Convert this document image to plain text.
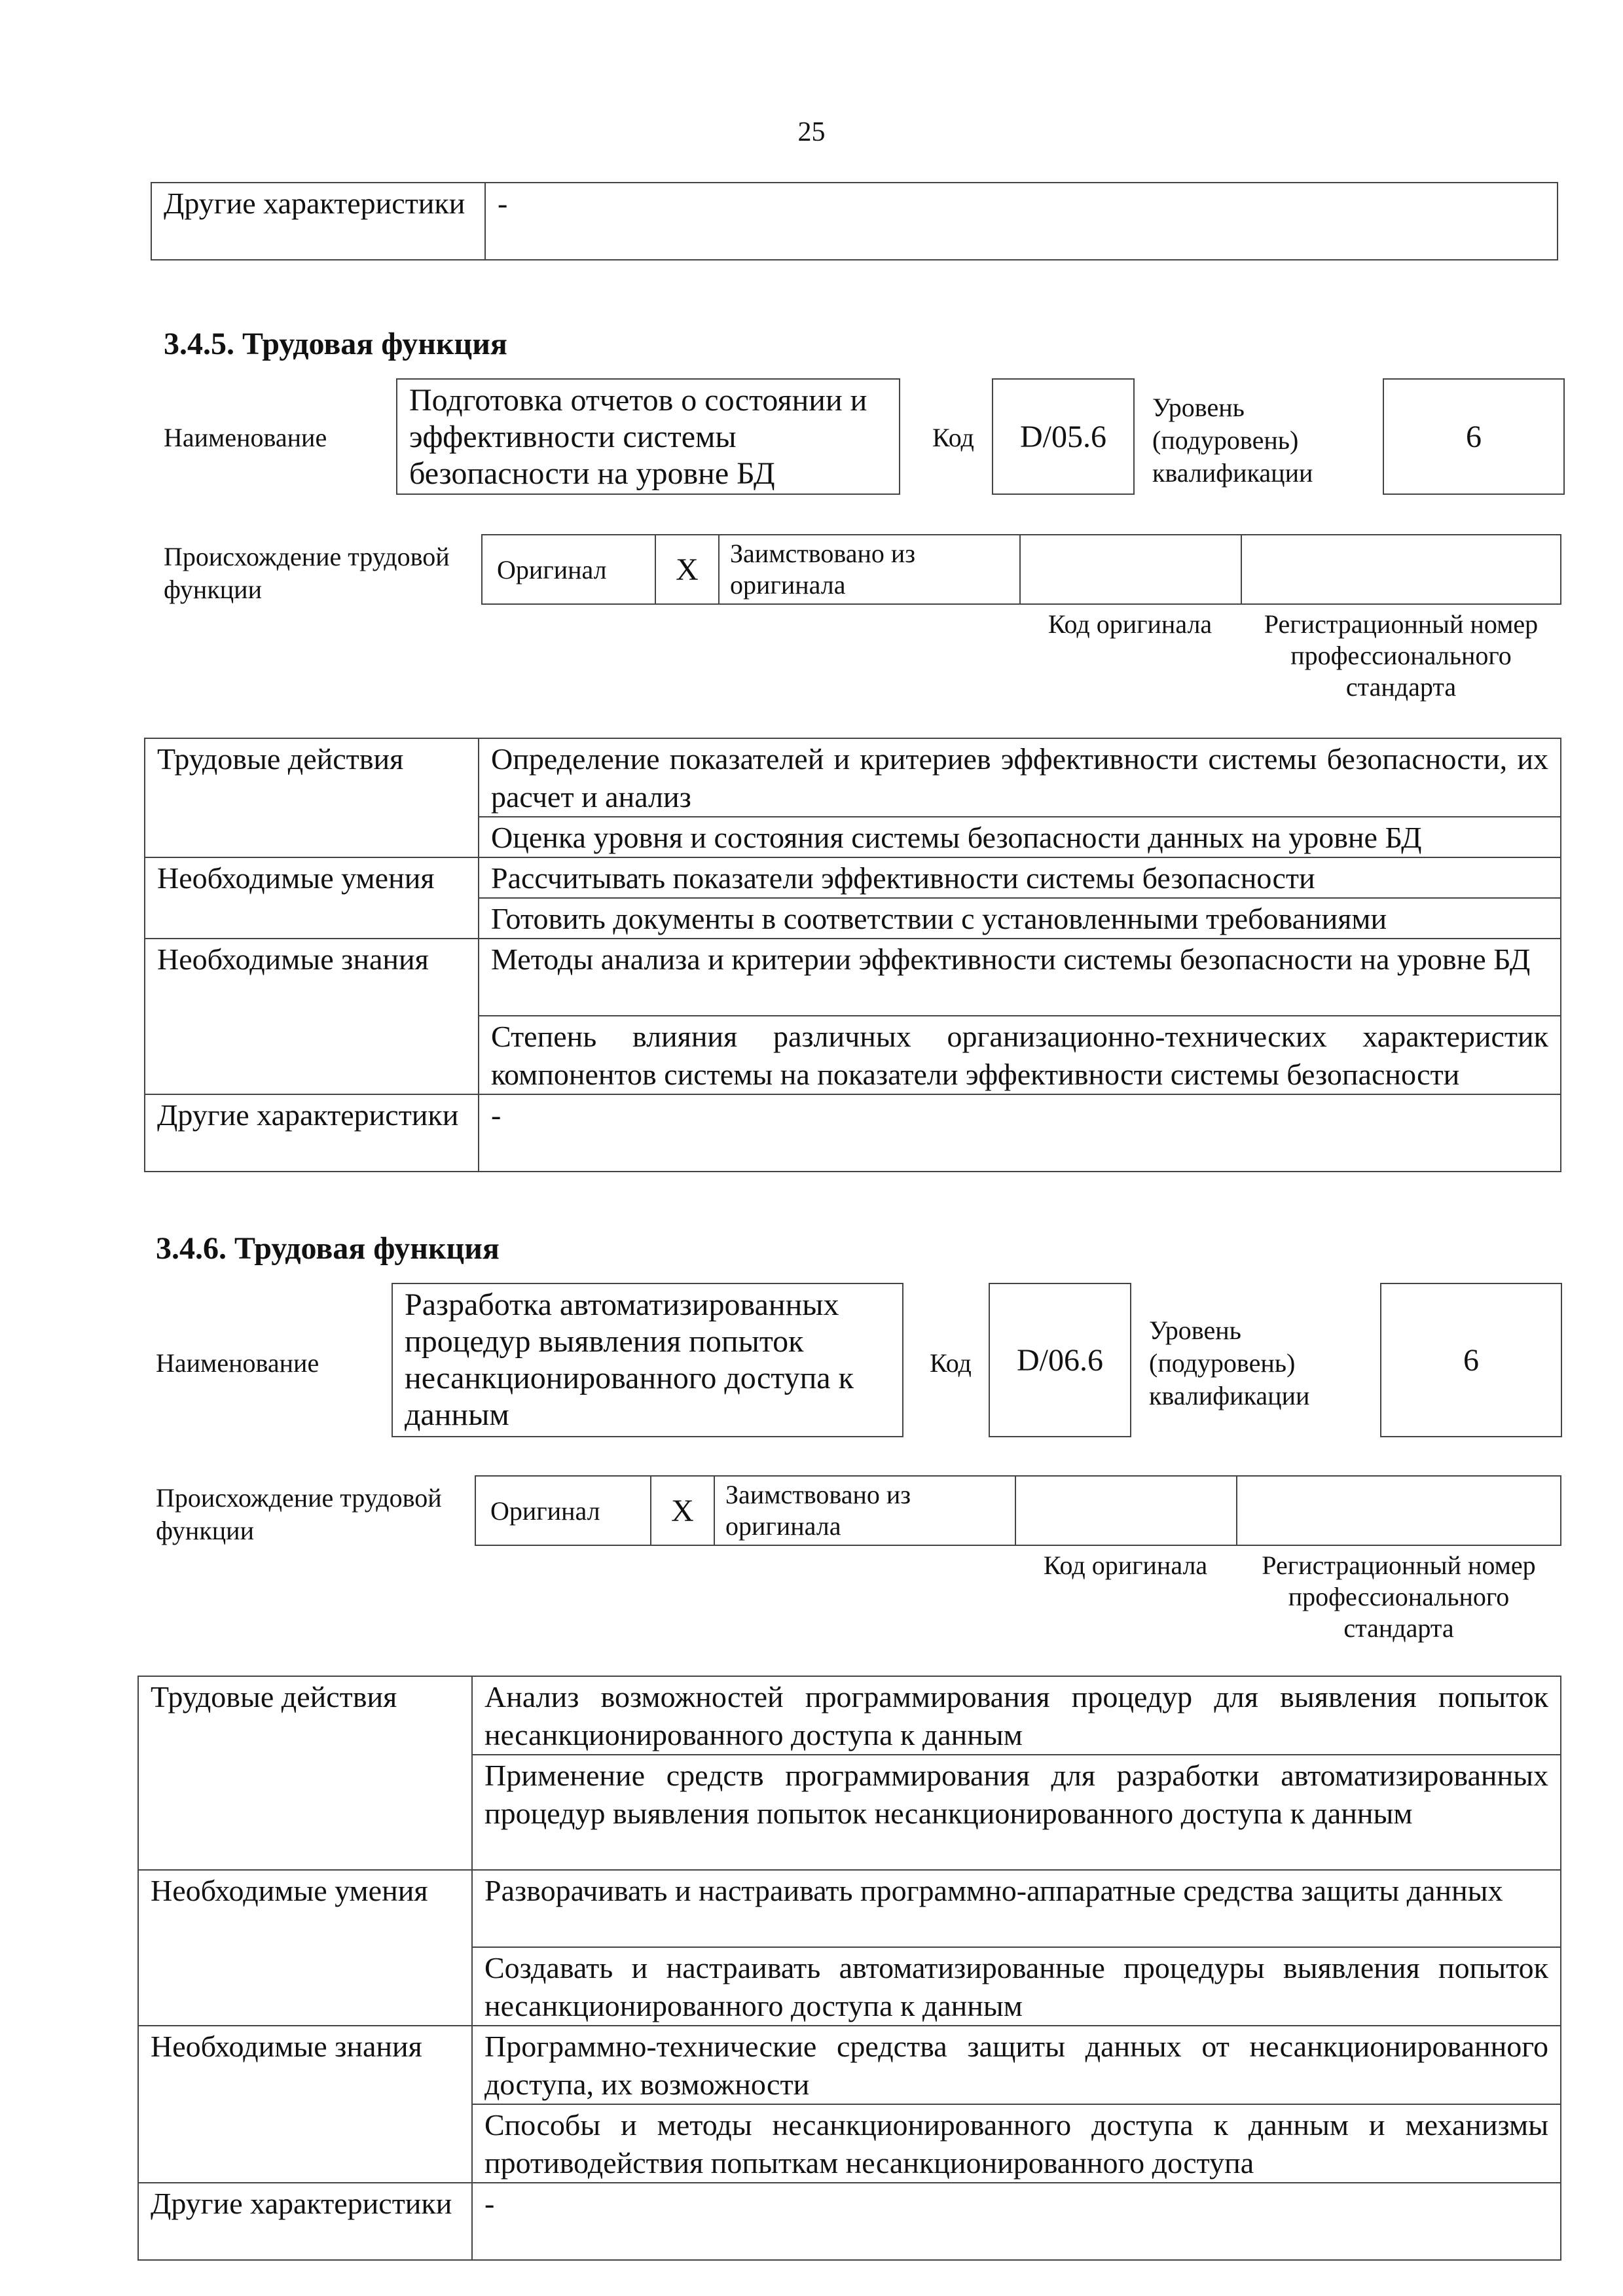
25
Другие характеристики	-
3.4.5. Трудовая функция
Наименование
Подготовка отчетов о состоянии и эффективности системы безопасности на уровне БД
Код	D/05.6
Уровень (подуровень) квалификации
6
Происхождение трудовой функции
Оригинал	X	Заимствовано из оригинала
Код оригинала	Регистрационный номер профессионального стандарта
Трудовые действия	Определение показателей и критериев эффективности системы безопасности, их расчет и анализ
	Оценка уровня и состояния системы безопасности данных на уровне БД
Необходимые умения	Рассчитывать показатели эффективности системы безопасности
	Готовить документы в соответствии с установленными требованиями
Необходимые знания	Методы анализа и критерии эффективности системы безопасности на уровне БД
	Степень влияния различных организационно-технических характеристик компонентов системы на показатели эффективности системы безопасности
Другие характеристики	-
3.4.6. Трудовая функция
Наименование
Разработка автоматизированных процедур выявления попыток несанкционированного доступа к данным
Код	D/06.6
Уровень (подуровень) квалификации
6
Происхождение трудовой функции
Оригинал	X	Заимствовано из оригинала
Код оригинала	Регистрационный номер профессионального стандарта
Трудовые действия	Анализ возможностей программирования процедур для выявления попыток несанкционированного доступа к данным
	Применение средств программирования для разработки автоматизированных процедур выявления попыток несанкционированного доступа к данным
Необходимые умения	Разворачивать и настраивать программно-аппаратные средства защиты данных
	Создавать и настраивать автоматизированные процедуры выявления попыток несанкционированного доступа к данным
Необходимые знания	Программно-технические средства защиты данных от несанкционированного доступа, их возможности
	Способы и методы несанкционированного доступа к данным и механизмы противодействия попыткам несанкционированного доступа
Другие характеристики	-
